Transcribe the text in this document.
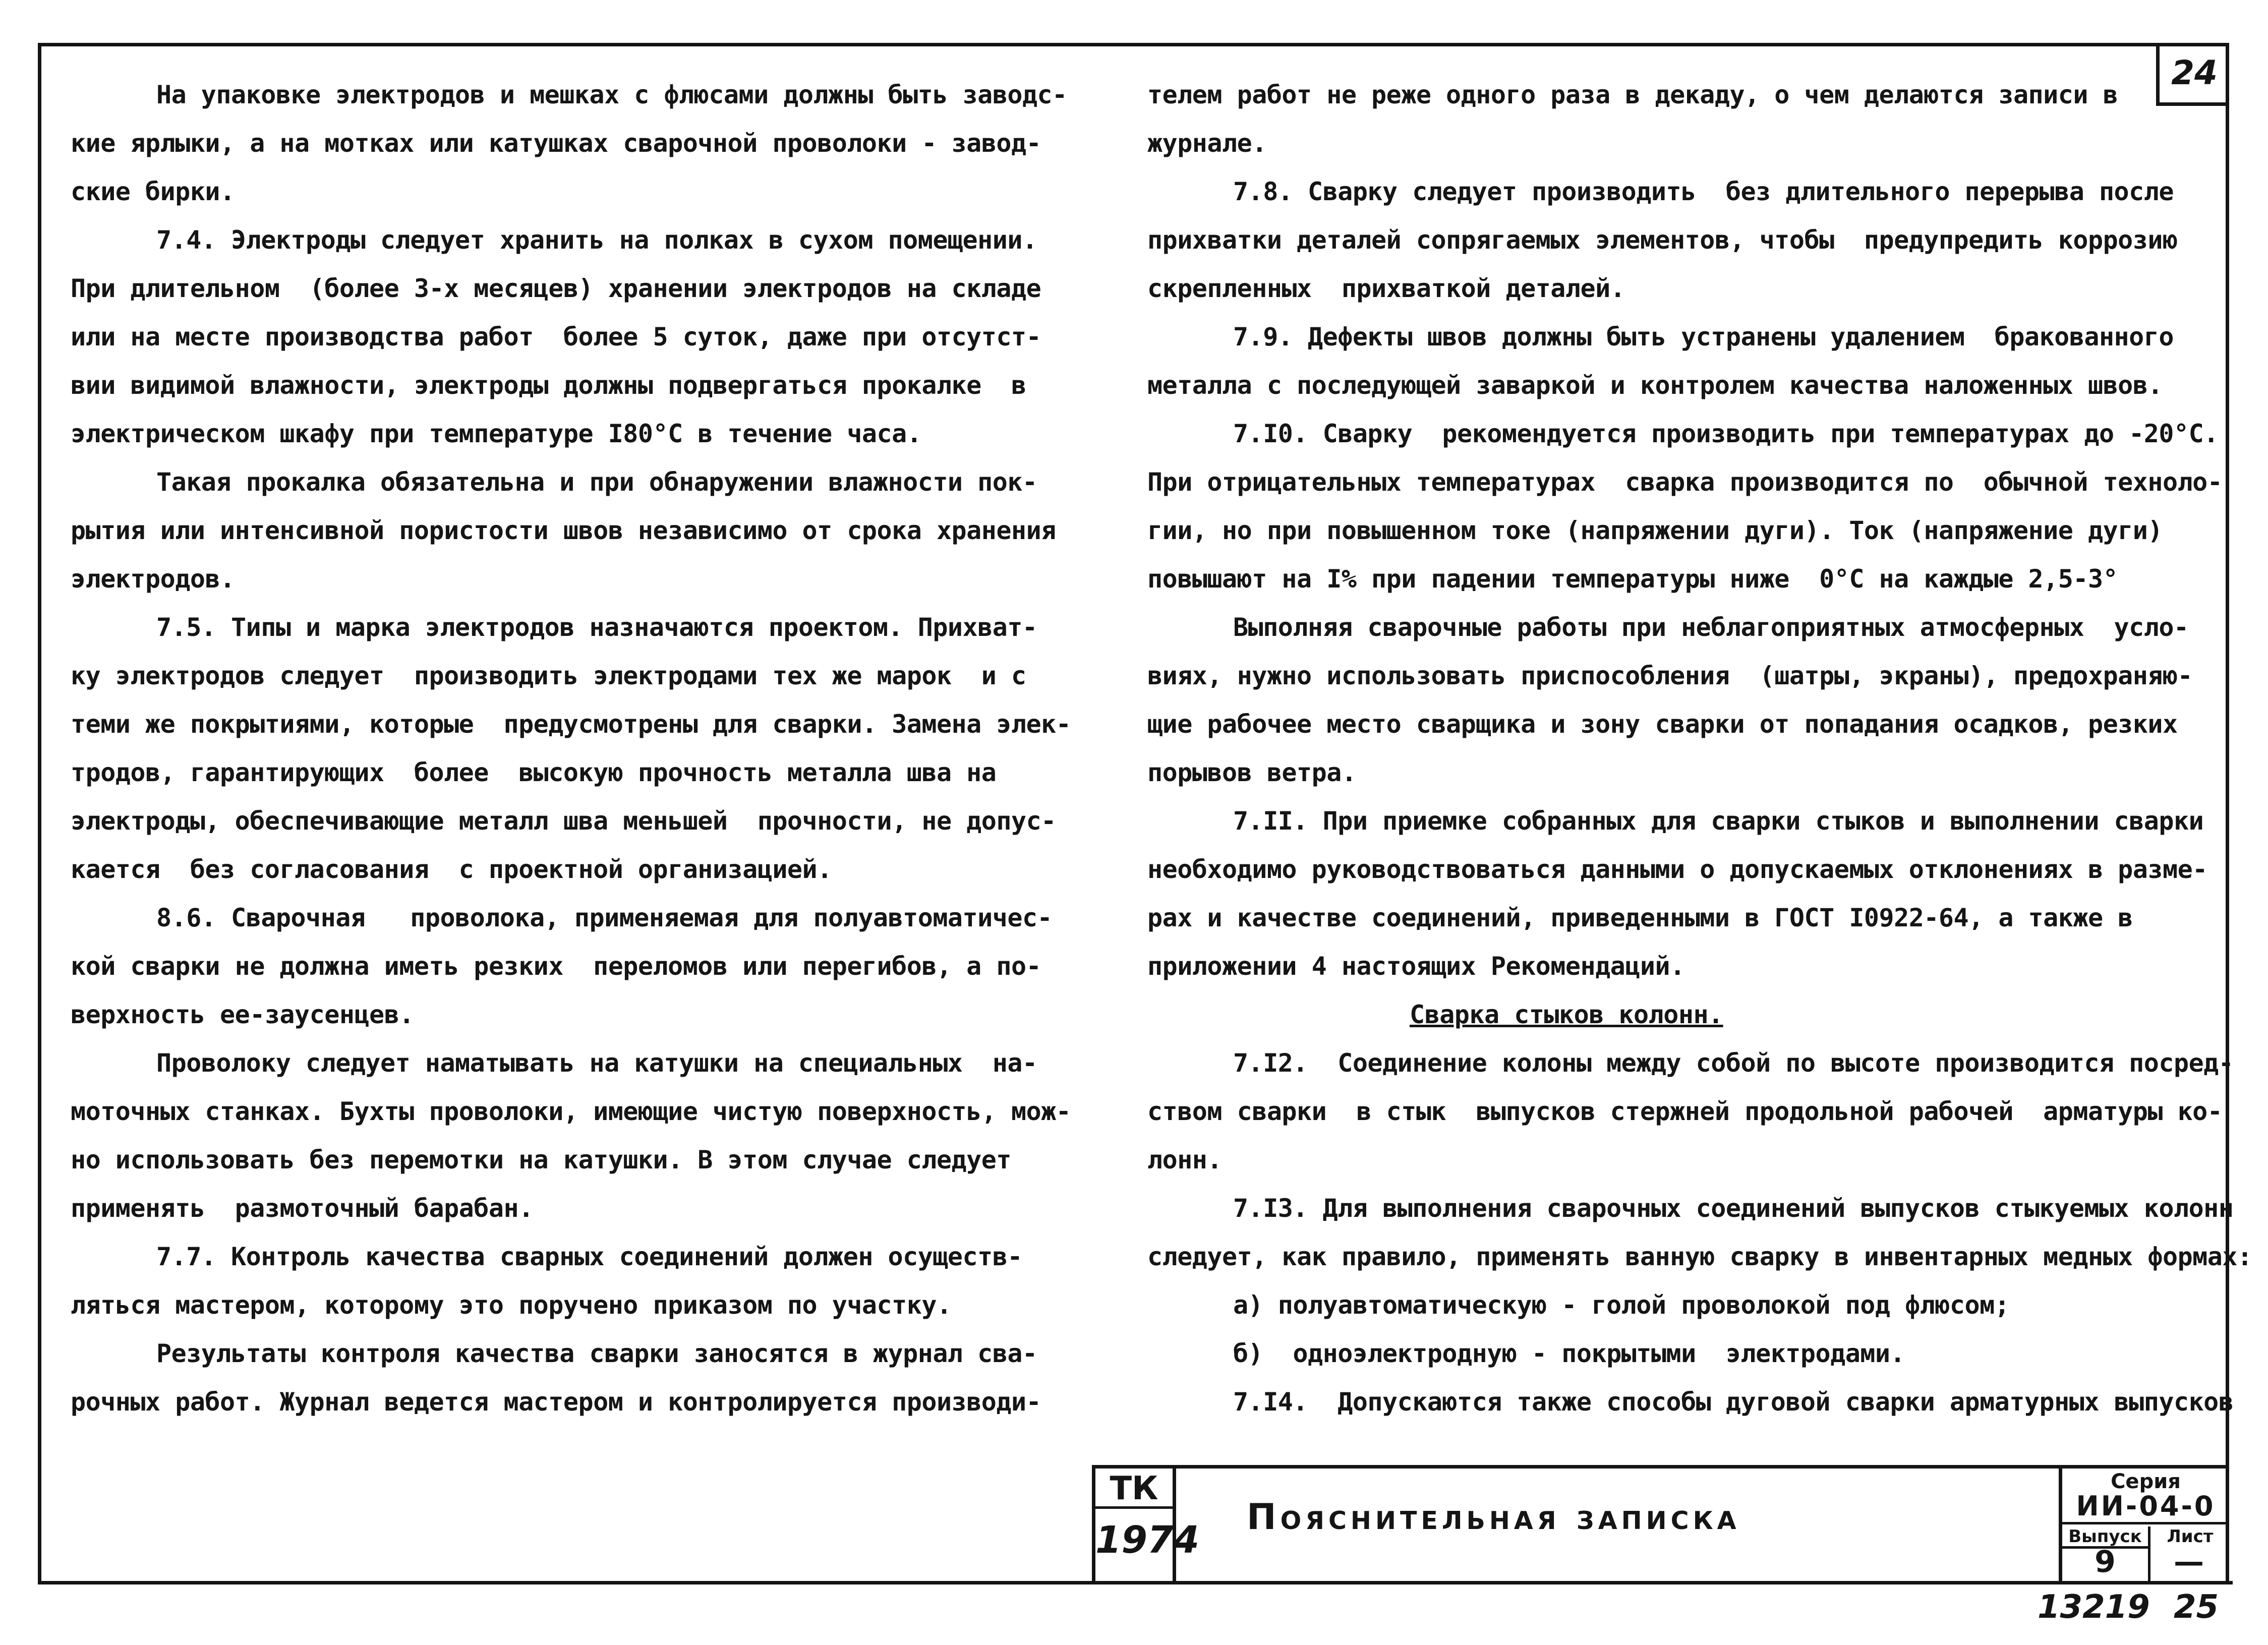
24
На упаковке электродов и мешках с флюсами должны быть заводс-
кие ярлыки, а на мотках или катушках сварочной проволоки - завод-
ские бирки.
7.4. Электроды следует хранить на полках в сухом помещении.
При длительном  (более 3-х месяцев) хранении электродов на складе
или на месте производства работ  более 5 суток, даже при отсутст-
вии видимой влажности, электроды должны подвергаться прокалке  в
электрическом шкафу при температуре I80°C в течение часа.
Такая прокалка обязательна и при обнаружении влажности пок-
рытия или интенсивной пористости швов независимо от срока хранения
электродов.
7.5. Типы и марка электродов назначаются проектом. Прихват-
ку электродов следует  производить электродами тех же марок  и с
теми же покрытиями, которые  предусмотрены для сварки. Замена элек-
тродов, гарантирующих  более  высокую прочность металла шва на
электроды, обеспечивающие металл шва меньшей  прочности, не допус-
кается  без согласования  с проектной организацией.
8.6. Сварочная   проволока, применяемая для полуавтоматичес-
кой сварки не должна иметь резких  переломов или перегибов, а по-
верхность ее-заусенцев.
Проволоку следует наматывать на катушки на специальных  на-
моточных станках. Бухты проволоки, имеющие чистую поверхность, мож-
но использовать без перемотки на катушки. В этом случае следует
применять  размоточный барабан.
7.7. Контроль качества сварных соединений должен осуществ-
ляться мастером, которому это поручено приказом по участку.
Результаты контроля качества сварки заносятся в журнал сва-
рочных работ. Журнал ведется мастером и контролируется производи-
телем работ не реже одного раза в декаду, о чем делаются записи в
журнале.
7.8. Сварку следует производить  без длительного перерыва после
прихватки деталей сопрягаемых элементов, чтобы  предупредить коррозию
скрепленных  прихваткой деталей.
7.9. Дефекты швов должны быть устранены удалением  бракованного
металла с последующей заваркой и контролем качества наложенных швов.
7.I0. Сварку  рекомендуется производить при температурах до -20°C.
При отрицательных температурах  сварка производится по  обычной техноло-
гии, но при повышенном токе (напряжении дуги). Ток (напряжение дуги)
повышают на I% при падении температуры ниже  0°C на каждые 2,5-3°
Выполняя сварочные работы при неблагоприятных атмосферных  усло-
виях, нужно использовать приспособления  (шатры, экраны), предохраняю-
щие рабочее место сварщика и зону сварки от попадания осадков, резких
порывов ветра.
7.II. При приемке собранных для сварки стыков и выполнении сварки
необходимо руководствоваться данными о допускаемых отклонениях в разме-
рах и качестве соединений, приведенными в ГОСТ I0922-64, а также в
приложении 4 настоящих Рекомендаций.
Сварка стыков колонн.
7.I2.  Соединение колоны между собой по высоте производится посред-
ством сварки  в стык  выпусков стержней продольной рабочей  арматуры ко-
лонн.
7.I3. Для выполнения сварочных соединений выпусков стыкуемых колонн
следует, как правило, применять ванную сварку в инвентарных медных формах:
а) полуавтоматическую - голой проволокой под флюсом;
б)  одноэлектродную - покрытыми  электродами.
7.I4.  Допускаются также способы дуговой сварки арматурных выпусков
ТК
1974
Пояснительная записка
Серия
ИИ-04-0
Выпуск
9
Лист
—
13219 25
